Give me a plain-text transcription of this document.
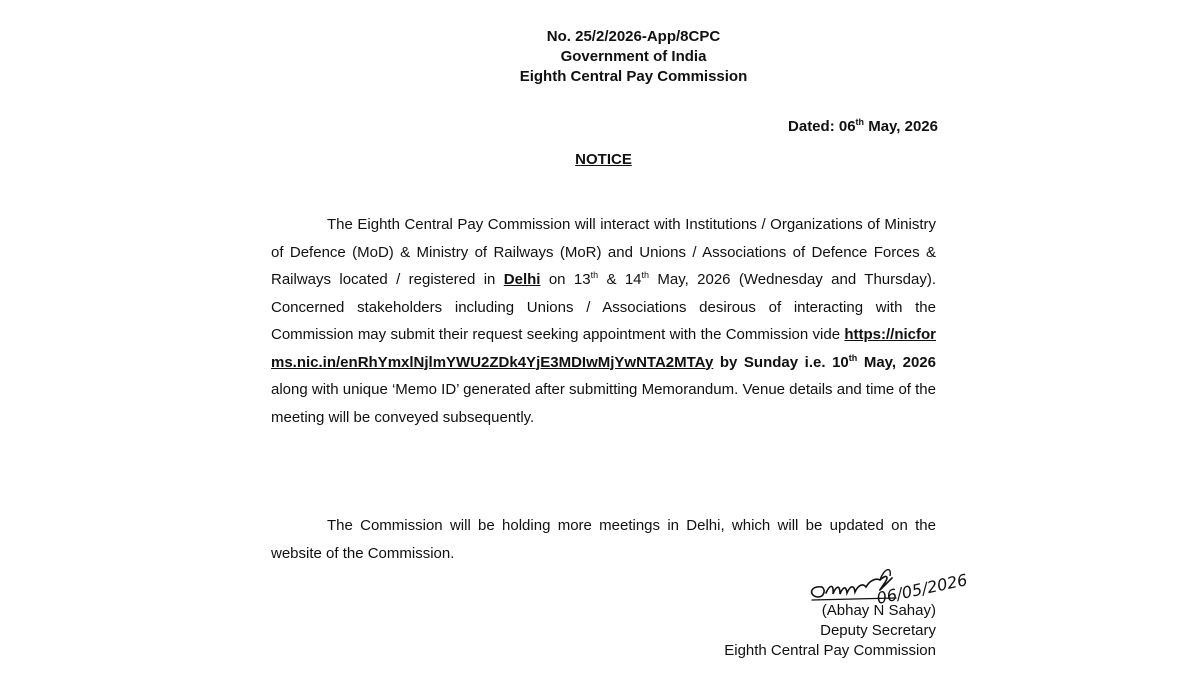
No. 25/2/2026-App/8CPC
Government of India
Eighth Central Pay Commission
Dated: 06th May, 2026
NOTICE
The Eighth Central Pay Commission will interact with Institutions / Organizations of Ministry of Defence (MoD) & Ministry of Railways (MoR) and Unions / Associations of Defence Forces & Railways located / registered in Delhi on 13th & 14th May, 2026 (Wednesday and Thursday). Concerned stakeholders including Unions / Associations desirous of interacting with the Commission may submit their request seeking appointment with the Commission vide https://nicforms.nic.in/enRhYmxlNjlmYWU2ZDk4YjE3MDIwMjYwNTA2MTAy by Sunday i.e. 10th May, 2026 along with unique ‘Memo ID’ generated after submitting Memorandum. Venue details and time of the meeting will be conveyed subsequently.
The Commission will be holding more meetings in Delhi, which will be updated on the website of the Commission.
06/05/2026
(Abhay N Sahay)
Deputy Secretary
Eighth Central Pay Commission
